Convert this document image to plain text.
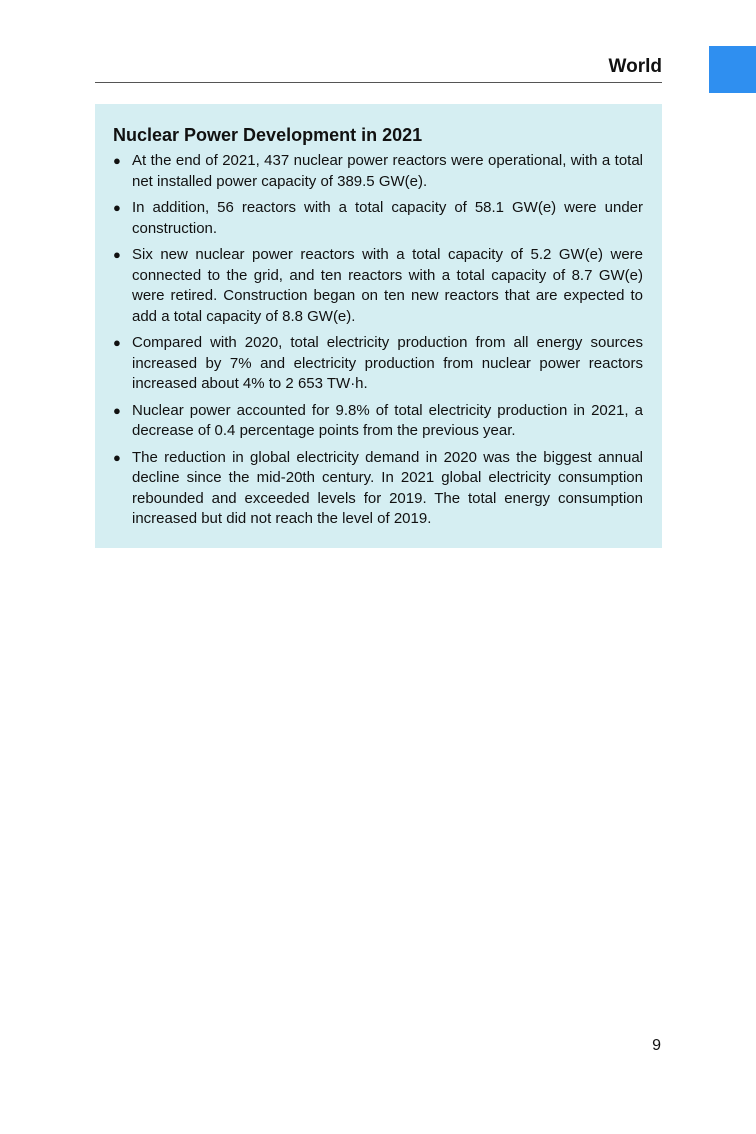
World
Nuclear Power Development in 2021
● At the end of 2021, 437 nuclear power reactors were operational, with a total net installed power capacity of 389.5 GW(e).
● In addition, 56 reactors with a total capacity of 58.1 GW(e) were under construction.
● Six new nuclear power reactors with a total capacity of 5.2 GW(e) were connected to the grid, and ten reactors with a total capacity of 8.7 GW(e) were retired. Construction began on ten new reactors that are expected to add a total capacity of 8.8 GW(e).
● Compared with 2020, total electricity production from all energy sources increased by 7% and electricity production from nuclear power reactors increased about 4% to 2 653 TW·h.
● Nuclear power accounted for 9.8% of total electricity production in 2021, a decrease of 0.4 percentage points from the previous year.
● The reduction in global electricity demand in 2020 was the biggest annual decline since the mid-20th century. In 2021 global electricity consumption rebounded and exceeded levels for 2019. The total energy consumption increased but did not reach the level of 2019.
9
